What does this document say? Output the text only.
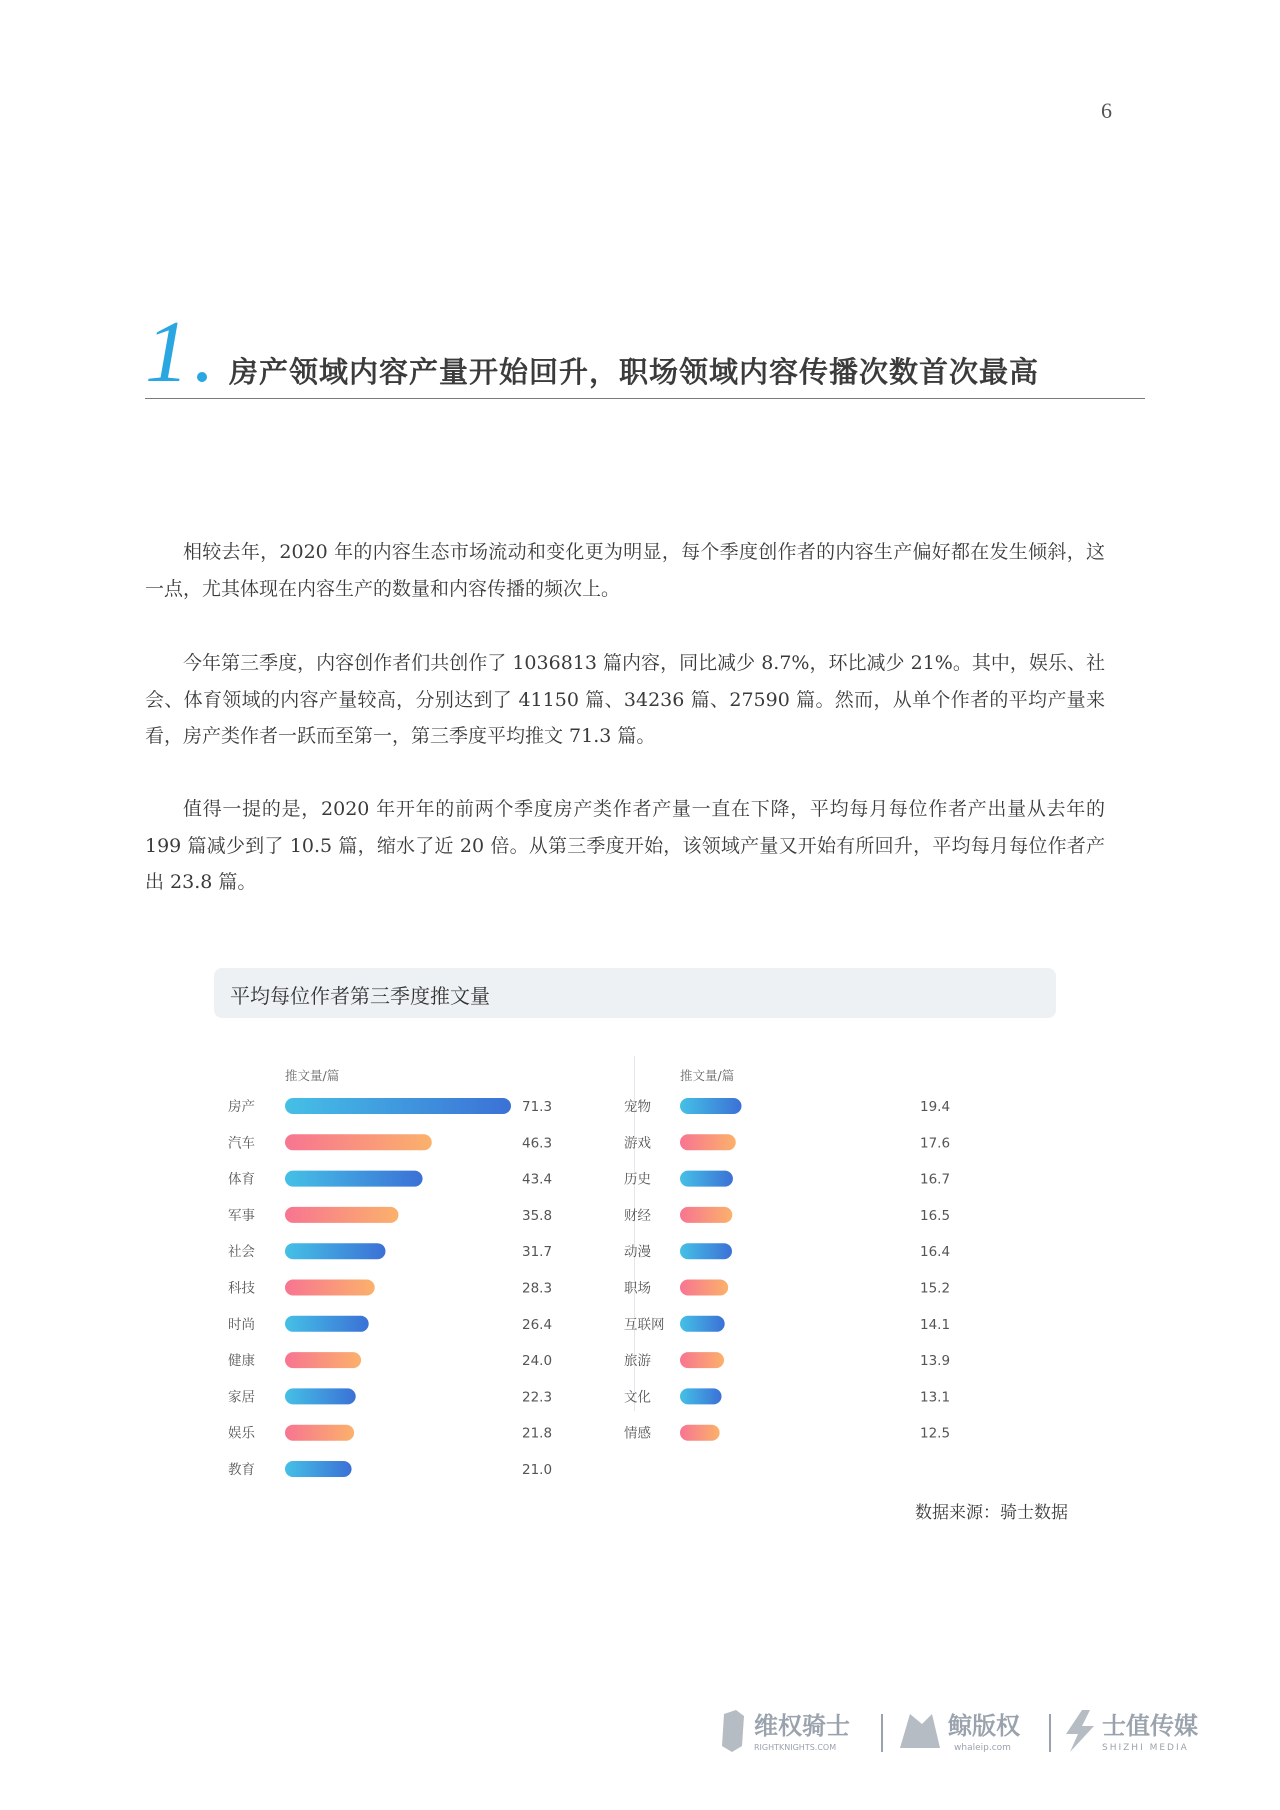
6
1 房产领域内容产量开始回升，职场领域内容传播次数首次最高

相较去年，2020 年的内容生态市场流动和变化更为明显，每个季度创作者的内容生产偏好都在发生倾斜，这一点，尤其体现在内容生产的数量和内容传播的频次上。

今年第三季度，内容创作者们共创作了 1036813 篇内容，同比减少 8.7%，环比减少 21%。其中，娱乐、社会、体育领域的内容产量较高，分别达到了 41150 篇、34236 篇、27590 篇。然而，从单个作者的平均产量来看，房产类作者一跃而至第一，第三季度平均推文 71.3 篇。

值得一提的是，2020 年开年的前两个季度房产类作者产量一直在下降，平均每月每位作者产出量从去年的 199 篇减少到了 10.5 篇，缩水了近 20 倍。从第三季度开始，该领域产量又开始有所回升，平均每月每位作者产出 23.8 篇。

平均每位作者第三季度推文量
推文量/篇
房产	71.3
汽车	46.3
体育	43.4
军事	35.8
社会	31.7
科技	28.3
时尚	26.4
健康	24.0
家居	22.3
娱乐	21.8
教育	21.0
推文量/篇
宠物	19.4
游戏	17.6
历史	16.7
财经	16.5
动漫	16.4
职场	15.2
互联网	14.1
旅游	13.9
文化	13.1
情感	12.5
数据来源：骑士数据
维权骑士
RIGHTKNIGHTS.COM
鲸版权
whaleip.com
士值传媒
SHIZHI MEDIA
